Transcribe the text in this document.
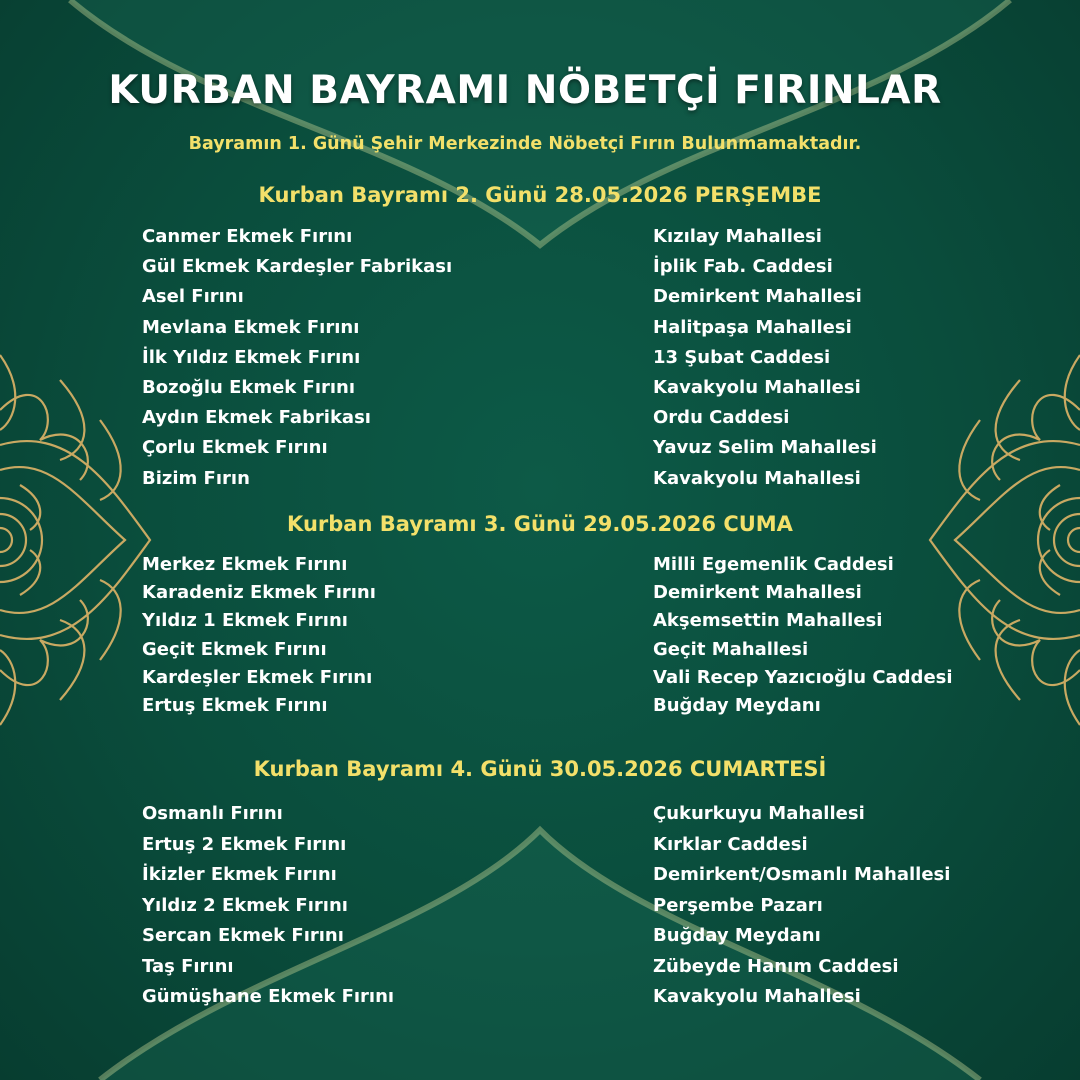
KURBAN BAYRAMI NÖBETÇİ FIRINLAR
Bayramın 1. Günü Şehir Merkezinde Nöbetçi Fırın Bulunmamaktadır.
Kurban Bayramı 2. Günü 28.05.2026 PERŞEMBE
Canmer Ekmek Fırını
Gül Ekmek Kardeşler Fabrikası
Asel Fırını
Mevlana Ekmek Fırını
İlk Yıldız Ekmek Fırını
Bozoğlu Ekmek Fırını
Aydın Ekmek Fabrikası
Çorlu Ekmek Fırını
Bizim Fırın
Kızılay Mahallesi
İplik Fab. Caddesi
Demirkent Mahallesi
Halitpaşa Mahallesi
13 Şubat Caddesi
Kavakyolu Mahallesi
Ordu Caddesi
Yavuz Selim Mahallesi
Kavakyolu Mahallesi
Kurban Bayramı 3. Günü 29.05.2026 CUMA
Merkez Ekmek Fırını
Karadeniz Ekmek Fırını
Yıldız 1 Ekmek Fırını
Geçit Ekmek Fırını
Kardeşler Ekmek Fırını
Ertuş Ekmek Fırını
Milli Egemenlik Caddesi
Demirkent Mahallesi
Akşemsettin Mahallesi
Geçit Mahallesi
Vali Recep Yazıcıoğlu Caddesi
Buğday Meydanı
Kurban Bayramı 4. Günü 30.05.2026 CUMARTESİ
Osmanlı Fırını
Ertuş 2 Ekmek Fırını
İkizler Ekmek Fırını
Yıldız 2 Ekmek Fırını
Sercan Ekmek Fırını
Taş Fırını
Gümüşhane Ekmek Fırını
Çukurkuyu Mahallesi
Kırklar Caddesi
Demirkent/Osmanlı Mahallesi
Perşembe Pazarı
Buğday Meydanı
Zübeyde Hanım Caddesi
Kavakyolu Mahallesi
